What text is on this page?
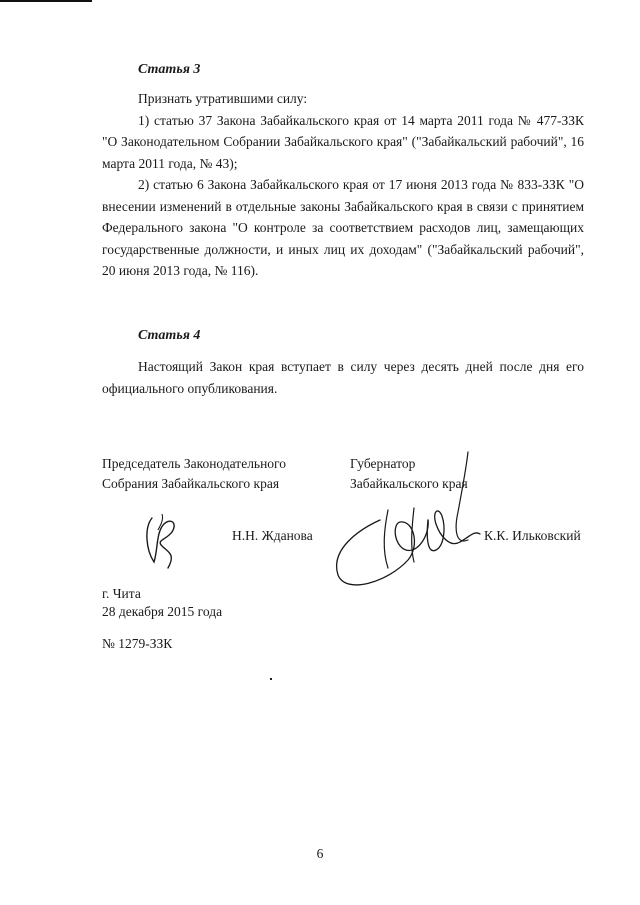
Статья 3

Признать утратившими силу:

1) статью 37 Закона Забайкальского края от 14 марта 2011 года № 477-ЗЗК "О Законодательном Собрании Забайкальского края" ("Забайкальский рабочий", 16 марта 2011 года, № 43);

2) статью 6 Закона Забайкальского края от 17 июня 2013 года № 833-ЗЗК "О внесении изменений в отдельные законы Забайкальского края в связи с принятием Федерального закона "О контроле за соответствием расходов лиц, замещающих государственные должности, и иных лиц их доходам" ("Забайкальский рабочий", 20 июня 2013 года, № 116).

Статья 4

Настоящий Закон края вступает в силу через десять дней после дня его официального опубликования.

Председатель Законодательного
Собрания Забайкальского края
Губернатор
Забайкальского края
Н.Н. Жданова	К.К. Ильковский
г. Чита
28 декабря 2015 года
№ 1279-ЗЗК
6
